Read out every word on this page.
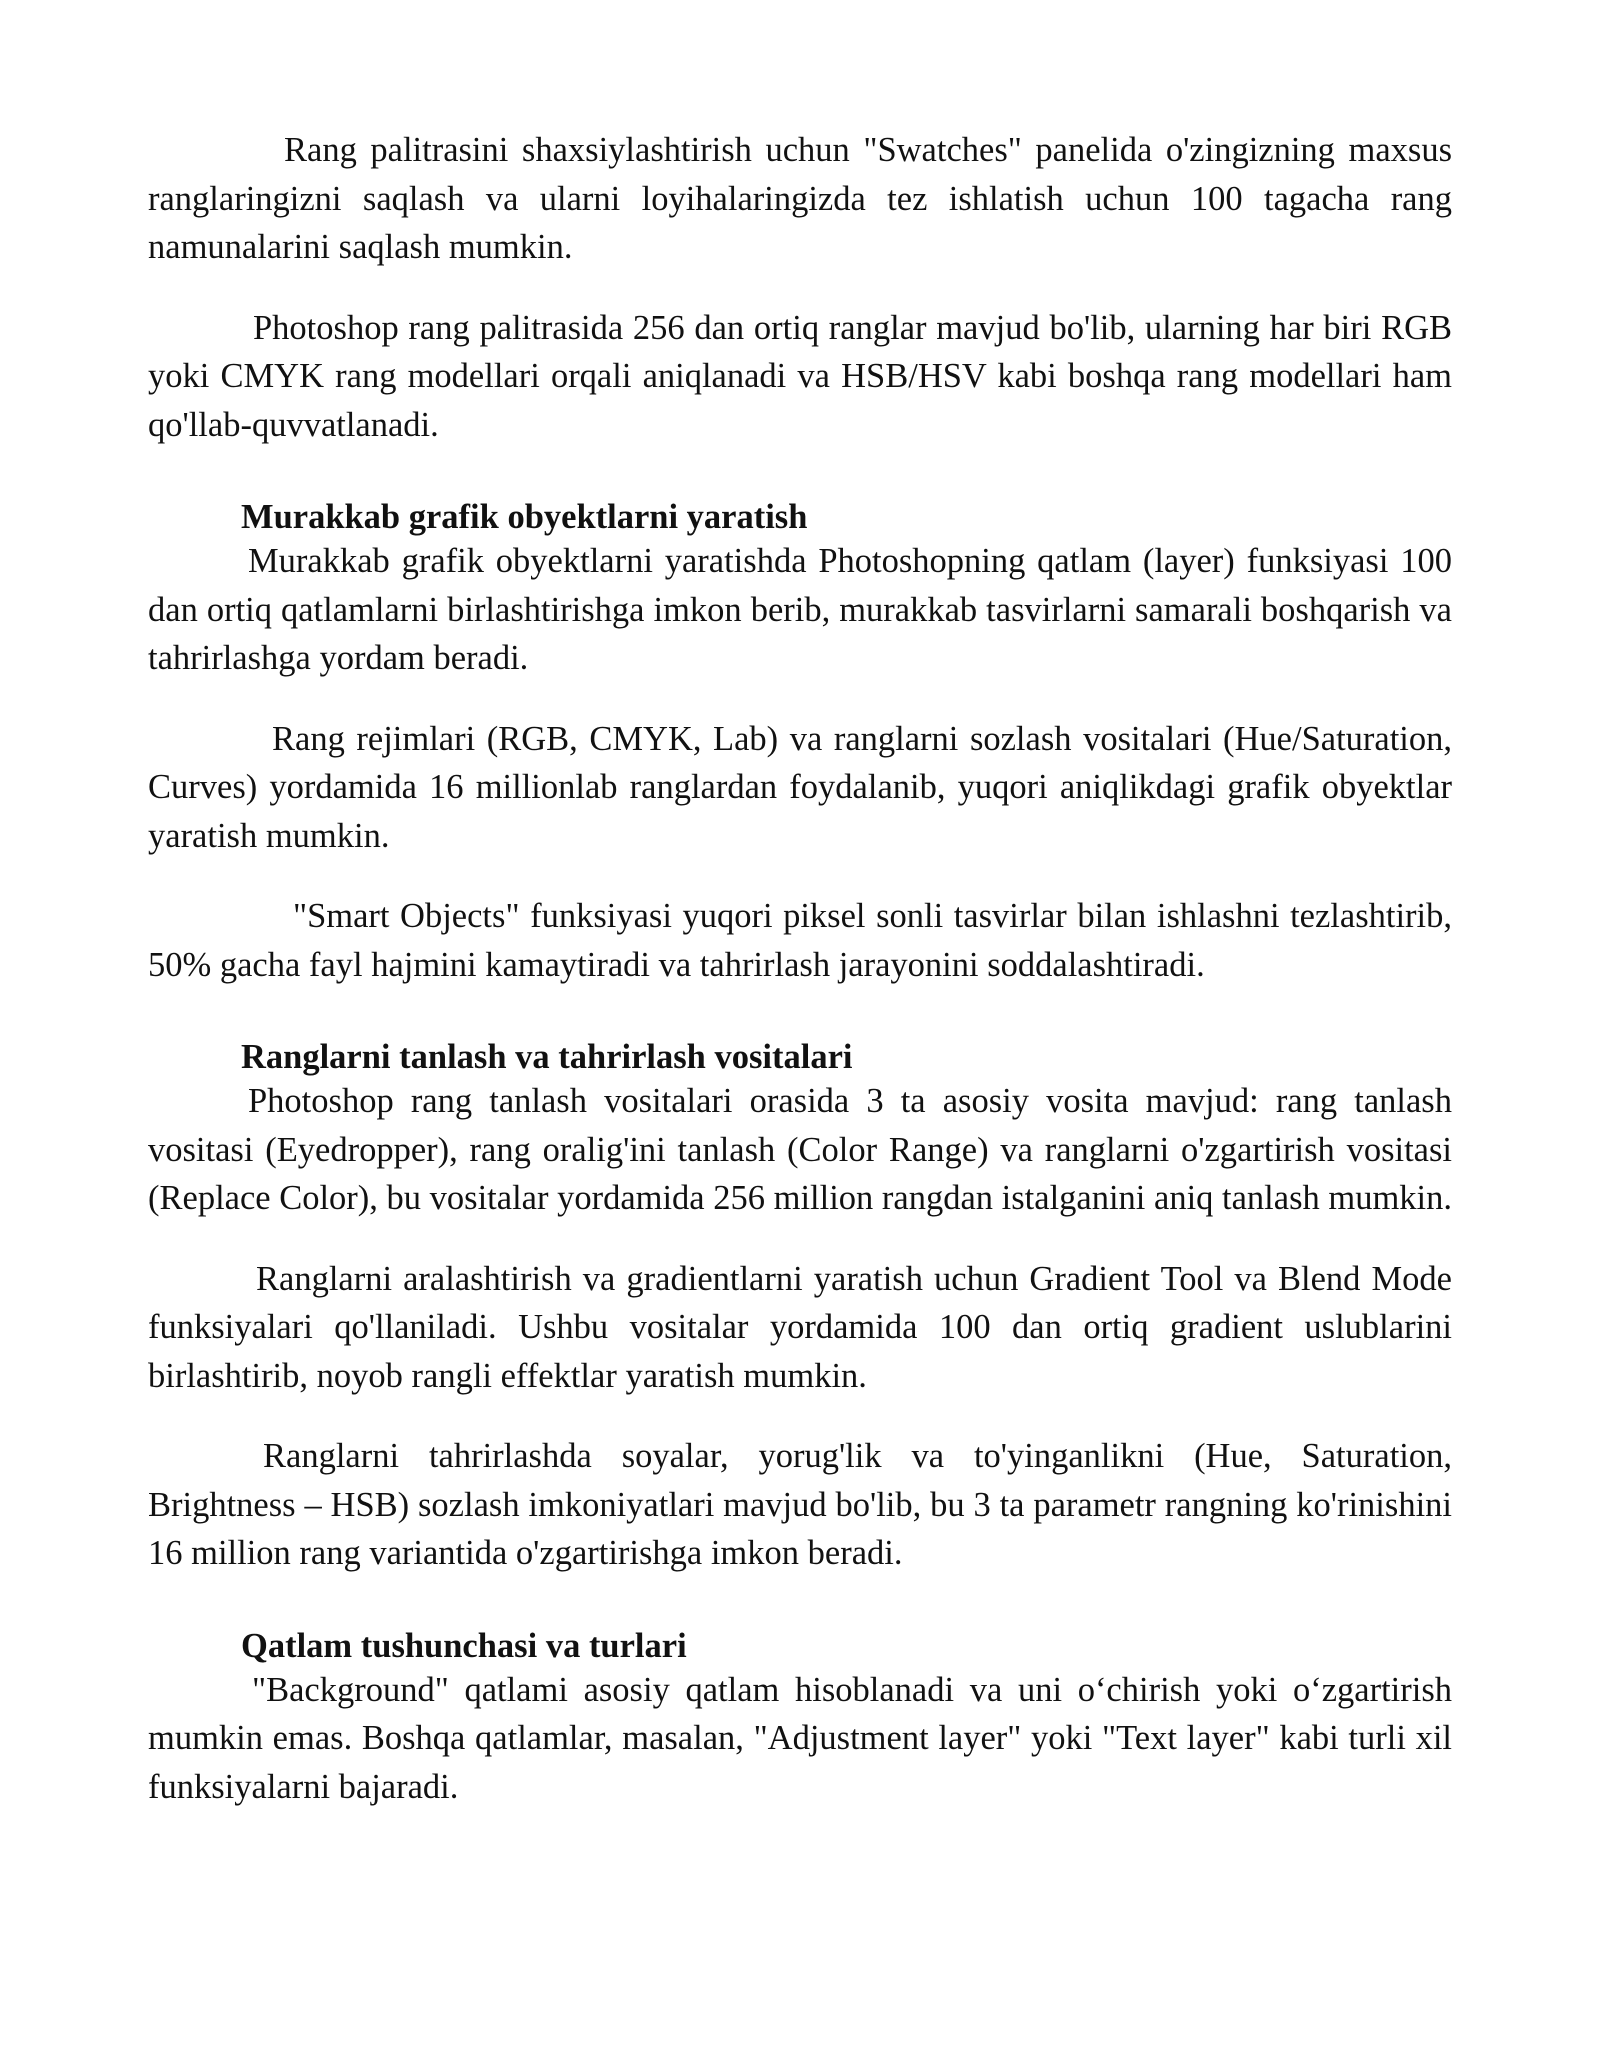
Rang palitrasini shaxsiylashtirish uchun "Swatches" panelida o'zingizning maxsus ranglaringizni saqlash va ularni loyihalaringizda tez ishlatish uchun 100 tagacha rang namunalarini saqlash mumkin.

Photoshop rang palitrasida 256 dan ortiq ranglar mavjud bo'lib, ularning har biri RGB yoki CMYK rang modellari orqali aniqlanadi va HSB/HSV kabi boshqa rang modellari ham qo'llab-quvvatlanadi.

Murakkab grafik obyektlarni yaratish

Murakkab grafik obyektlarni yaratishda Photoshopning qatlam (layer) funksiyasi 100 dan ortiq qatlamlarni birlashtirishga imkon berib, murakkab tasvirlarni samarali boshqarish va tahrirlashga yordam beradi.

Rang rejimlari (RGB, CMYK, Lab) va ranglarni sozlash vositalari (Hue/Saturation, Curves) yordamida 16 millionlab ranglardan foydalanib, yuqori aniqlikdagi grafik obyektlar yaratish mumkin.

"Smart Objects" funksiyasi yuqori piksel sonli tasvirlar bilan ishlashni tezlashtirib, 50% gacha fayl hajmini kamaytiradi va tahrirlash jarayonini soddalashtiradi.

Ranglarni tanlash va tahrirlash vositalari

Photoshop rang tanlash vositalari orasida 3 ta asosiy vosita mavjud: rang tanlash vositasi (Eyedropper), rang oralig'ini tanlash (Color Range) va ranglarni o'zgartirish vositasi (Replace Color), bu vositalar yordamida 256 million rangdan istalganini aniq tanlash mumkin.

Ranglarni aralashtirish va gradientlarni yaratish uchun Gradient Tool va Blend Mode funksiyalari qo'llaniladi. Ushbu vositalar yordamida 100 dan ortiq gradient uslublarini birlashtirib, noyob rangli effektlar yaratish mumkin.

Ranglarni tahrirlashda soyalar, yorug'lik va to'yinganlikni (Hue, Saturation, Brightness – HSB) sozlash imkoniyatlari mavjud bo'lib, bu 3 ta parametr rangning ko'rinishini 16 million rang variantida o'zgartirishga imkon beradi.

Qatlam tushunchasi va turlari

"Background" qatlami asosiy qatlam hisoblanadi va uni oʻchirish yoki oʻzgartirish mumkin emas. Boshqa qatlamlar, masalan, "Adjustment layer" yoki "Text layer" kabi turli xil funksiyalarni bajaradi.
